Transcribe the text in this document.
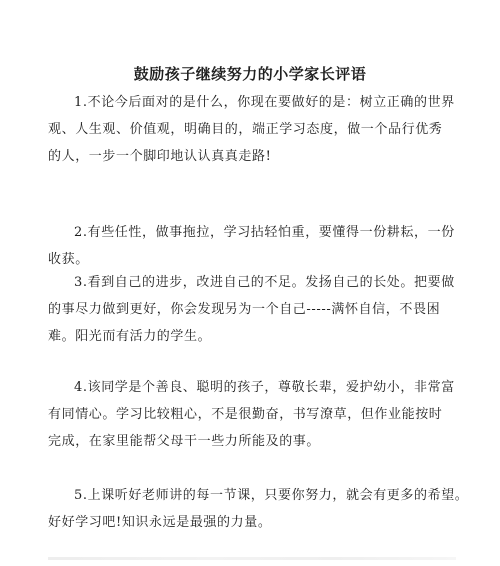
鼓励孩子继续努力的小学家长评语

1.不论今后面对的是什么，你现在要做好的是：树立正确的世界
观、人生观、价值观，明确目的，端正学习态度，做一个品行优秀
的人，一步一个脚印地认认真真走路!

2.有些任性，做事拖拉，学习拈轻怕重，要懂得一份耕耘，一份
收获。

3.看到自己的进步，改进自己的不足。发扬自己的长处。把要做
的事尽力做到更好，你会发现另为一个自己-----满怀自信，不畏困
难。阳光而有活力的学生。

4.该同学是个善良、聪明的孩子，尊敬长辈，爱护幼小，非常富
有同情心。学习比较粗心，不是很勤奋，书写潦草，但作业能按时
完成，在家里能帮父母干一些力所能及的事。

5.上课听好老师讲的每一节课，只要你努力，就会有更多的希望。
好好学习吧!知识永远是最强的力量。
